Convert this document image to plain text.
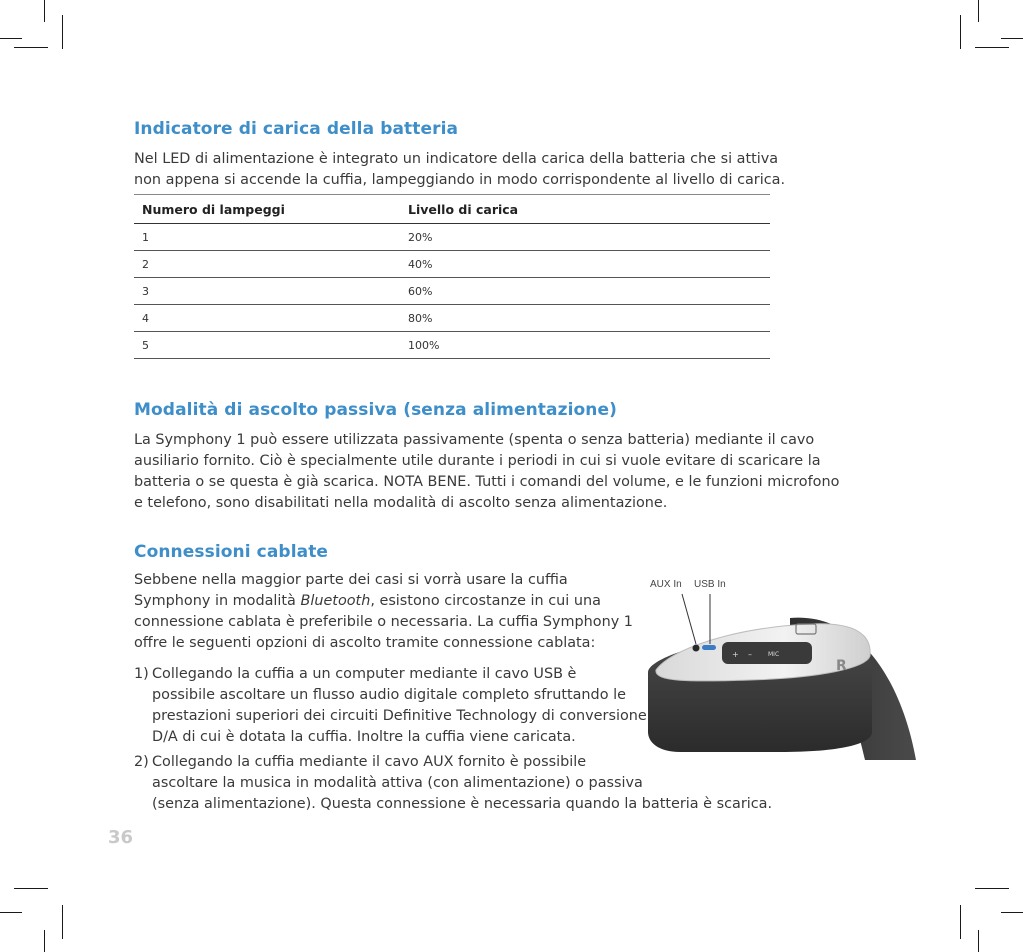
Indicatore di carica della batteria

Nel LED di alimentazione è integrato un indicatore della carica della batteria che si attiva
non appena si accende la cuffia, lampeggiando in modo corrispondente al livello di carica.

Numero di lampeggi	Livello di carica
1	20%
2	40%
3	60%
4	80%
5	100%
Modalità di ascolto passiva (senza alimentazione)

La Symphony 1 può essere utilizzata passivamente (spenta o senza batteria) mediante il cavo
ausiliario fornito. Ciò è specialmente utile durante i periodi in cui si vuole evitare di scaricare la
batteria o se questa è già scarica. NOTA BENE. Tutti i comandi del volume, e le funzioni microfono
e telefono, sono disabilitati nella modalità di ascolto senza alimentazione.

Connessioni cablate

Sebbene nella maggior parte dei casi si vorrà usare la cuffia
Symphony in modalità Bluetooth, esistono circostanze in cui una
connessione cablata è preferibile o necessaria. La cuffia Symphony 1
offre le seguenti opzioni di ascolto tramite connessione cablata:

1) Collegando la cuffia a un computer mediante il cavo USB è
possibile ascoltare un flusso audio digitale completo sfruttando le
prestazioni superiori dei circuiti Definitive Technology di conversione
D/A di cui è dotata la cuffia. Inoltre la cuffia viene caricata.
2) Collegando la cuffia mediante il cavo AUX fornito è possibile
ascoltare la musica in modalità attiva (con alimentazione) o passiva
(senza alimentazione). Questa connessione è necessaria quando la batteria è scarica.
+ –	MIC
R
AUX In USB In
36
